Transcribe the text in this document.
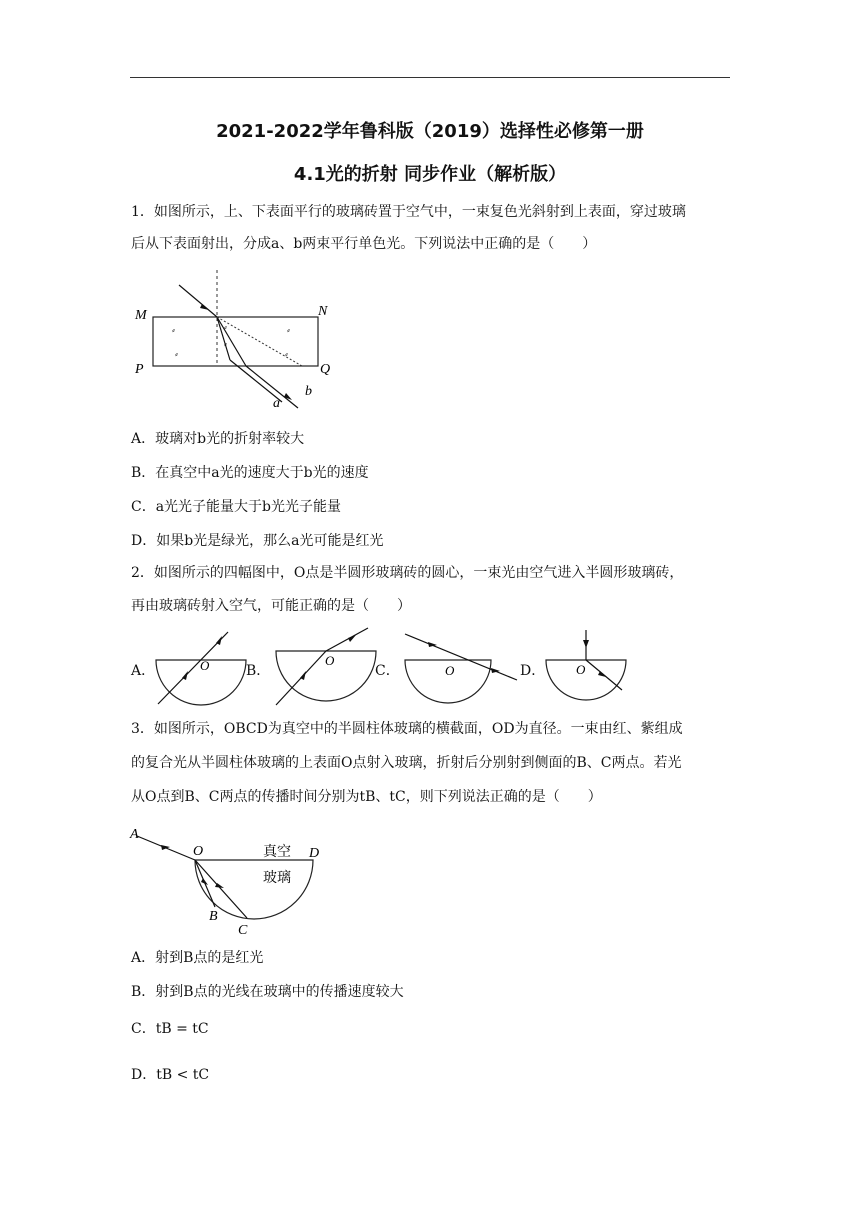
2021-2022学年鲁科版（2019）选择性必修第一册
4.1光的折射 同步作业（解析版）
1．如图所示，上、下表面平行的玻璃砖置于空气中，一束复色光斜射到上表面，穿过玻璃
后从下表面射出，分成a、b两束平行单色光。下列说法中正确的是（　　）
⸗
⸗
⸗
⸗
⸗
⸗
M	N
P	Q
a
b
A．玻璃对b光的折射率较大
B．在真空中a光的速度大于b光的速度
C．a光光子能量大于b光光子能量
D．如果b光是绿光，那么a光可能是红光
2．如图所示的四幅图中，O点是半圆形玻璃砖的圆心，一束光由空气进入半圆形玻璃砖，
再由玻璃砖射入空气，可能正确的是（　　）
A．	O	B．
O
C．	O	D． O
3．如图所示，OBCD为真空中的半圆柱体玻璃的横截面，OD为直径。一束由红、紫组成
的复合光从半圆柱体玻璃的上表面O点射入玻璃，折射后分别射到侧面的B、C两点。若光
从O点到B、C两点的传播时间分别为tB、tC，则下列说法正确的是（　　）
A
O	D
B
C
真空
玻璃
A．射到B点的是红光
B．射到B点的光线在玻璃中的传播速度较大
C．tB = tC
D．tB < tC
